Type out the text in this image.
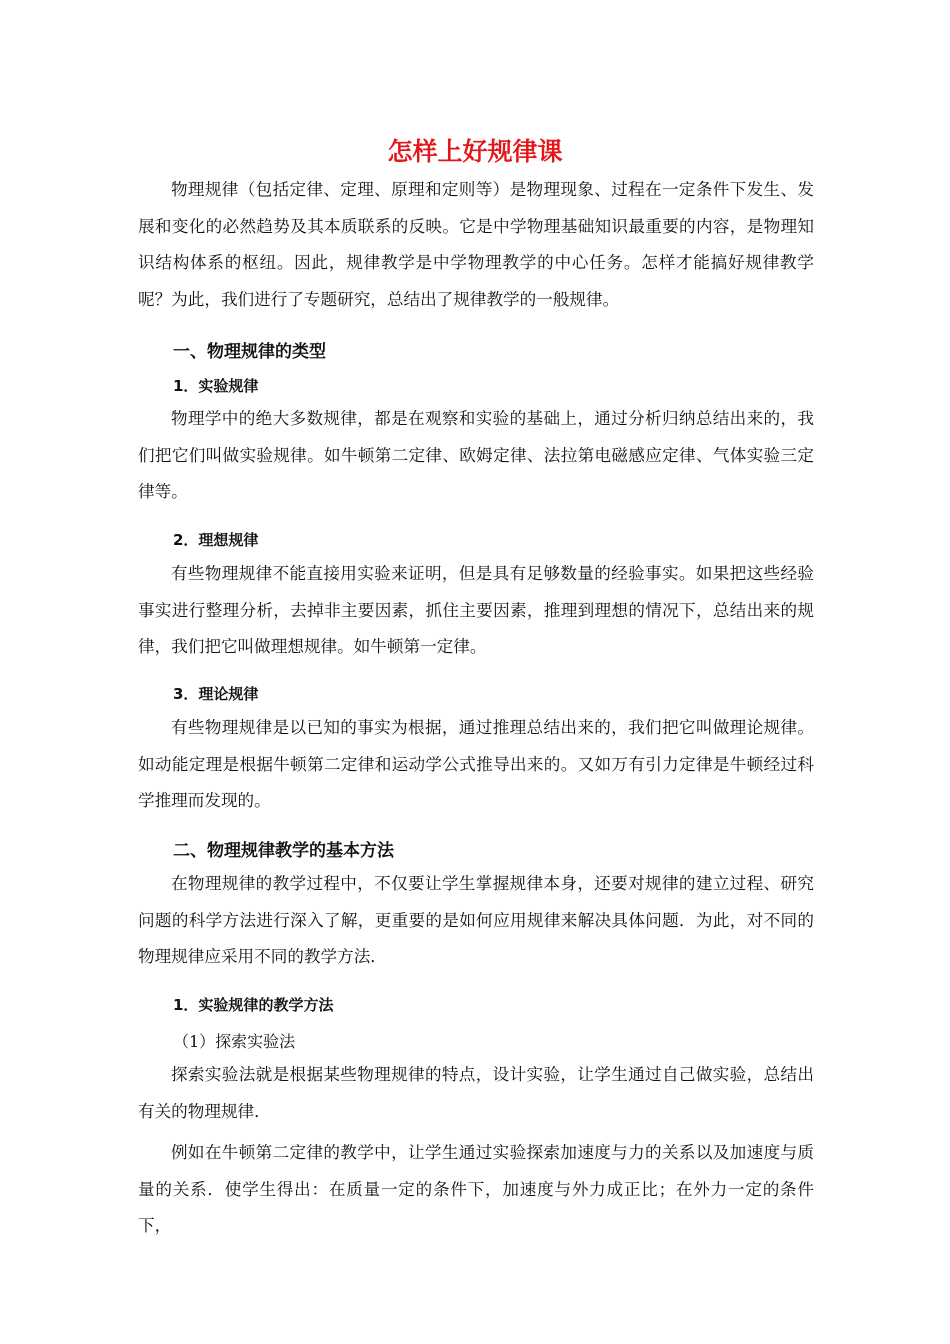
怎样上好规律课

物理规律（包括定律、定理、原理和定则等）是物理现象、过程在一定条件下发生、发展和变化的必然趋势及其本质联系的反映。它是中学物理基础知识最重要的内容，是物理知识结构体系的枢纽。因此，规律教学是中学物理教学的中心任务。怎样才能搞好规律教学呢？为此，我们进行了专题研究，总结出了规律教学的一般规律。

一、物理规律的类型
1．实验规律

物理学中的绝大多数规律，都是在观察和实验的基础上，通过分析归纳总结出来的，我们把它们叫做实验规律。如牛顿第二定律、欧姆定律、法拉第电磁感应定律、气体实验三定律等。

2．理想规律

有些物理规律不能直接用实验来证明，但是具有足够数量的经验事实。如果把这些经验事实进行整理分析，去掉非主要因素，抓住主要因素，推理到理想的情况下，总结出来的规律，我们把它叫做理想规律。如牛顿第一定律。

3．理论规律

有些物理规律是以已知的事实为根据，通过推理总结出来的，我们把它叫做理论规律。如动能定理是根据牛顿第二定律和运动学公式推导出来的。又如万有引力定律是牛顿经过科学推理而发现的。

二、物理规律教学的基本方法

在物理规律的教学过程中，不仅要让学生掌握规律本身，还要对规律的建立过程、研究问题的科学方法进行深入了解，更重要的是如何应用规律来解决具体问题．为此，对不同的物理规律应采用不同的教学方法．

1．实验规律的教学方法
（1）探索实验法

探索实验法就是根据某些物理规律的特点，设计实验，让学生通过自己做实验，总结出有关的物理规律．

例如在牛顿第二定律的教学中，让学生通过实验探索加速度与力的关系以及加速度与质量的关系．使学生得出：在质量一定的条件下，加速度与外力成正比；在外力一定的条件下，
